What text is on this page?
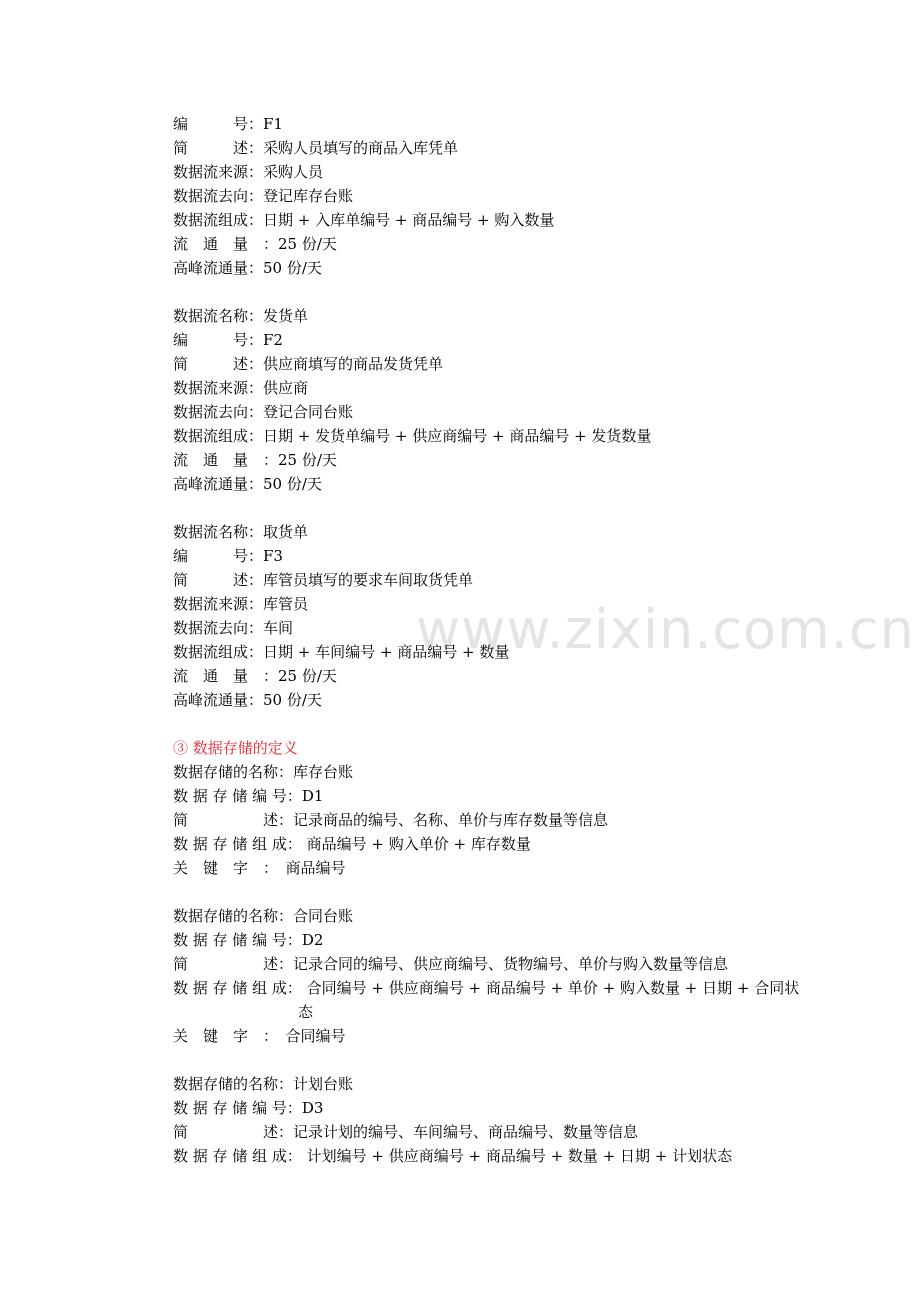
www.zixin.com.cn
编　　　号：F1
简　　　述：采购人员填写的商品入库凭单
数据流来源：采购人员
数据流去向：登记库存台账
数据流组成：日期 + 入库单编号 + 商品编号 + 购入数量
流　通　量　：25 份/天
高峰流通量：50 份/天
数据流名称：发货单
编　　　号：F2
简　　　述：供应商填写的商品发货凭单
数据流来源：供应商
数据流去向：登记合同台账
数据流组成：日期 + 发货单编号 + 供应商编号 + 商品编号 + 发货数量
流　通　量　：25 份/天
高峰流通量：50 份/天
数据流名称：取货单
编　　　号：F3
简　　　述：库管员填写的要求车间取货凭单
数据流来源：库管员
数据流去向：车间
数据流组成：日期 + 车间编号 + 商品编号 + 数量
流　通　量　：25 份/天
高峰流通量：50 份/天
③ 数据存储的定义
数据存储的名称：库存台账
数 据 存 储 编 号：D1
简　　　　　述：记录商品的编号、名称、单价与库存数量等信息
数 据 存 储 组 成： 商品编号 + 购入单价 + 库存数量
关　键　字　：　商品编号
数据存储的名称：合同台账
数 据 存 储 编 号：D2
简　　　　　述：记录合同的编号、供应商编号、货物编号、单价与购入数量等信息
数 据 存 储 组 成： 合同编号 + 供应商编号 + 商品编号 + 单价 + 购入数量 + 日期 + 合同状
态
关　键　字　：　合同编号
数据存储的名称：计划台账
数 据 存 储 编 号：D3
简　　　　　述：记录计划的编号、车间编号、商品编号、数量等信息
数 据 存 储 组 成： 计划编号 + 供应商编号 + 商品编号 + 数量 + 日期 + 计划状态
